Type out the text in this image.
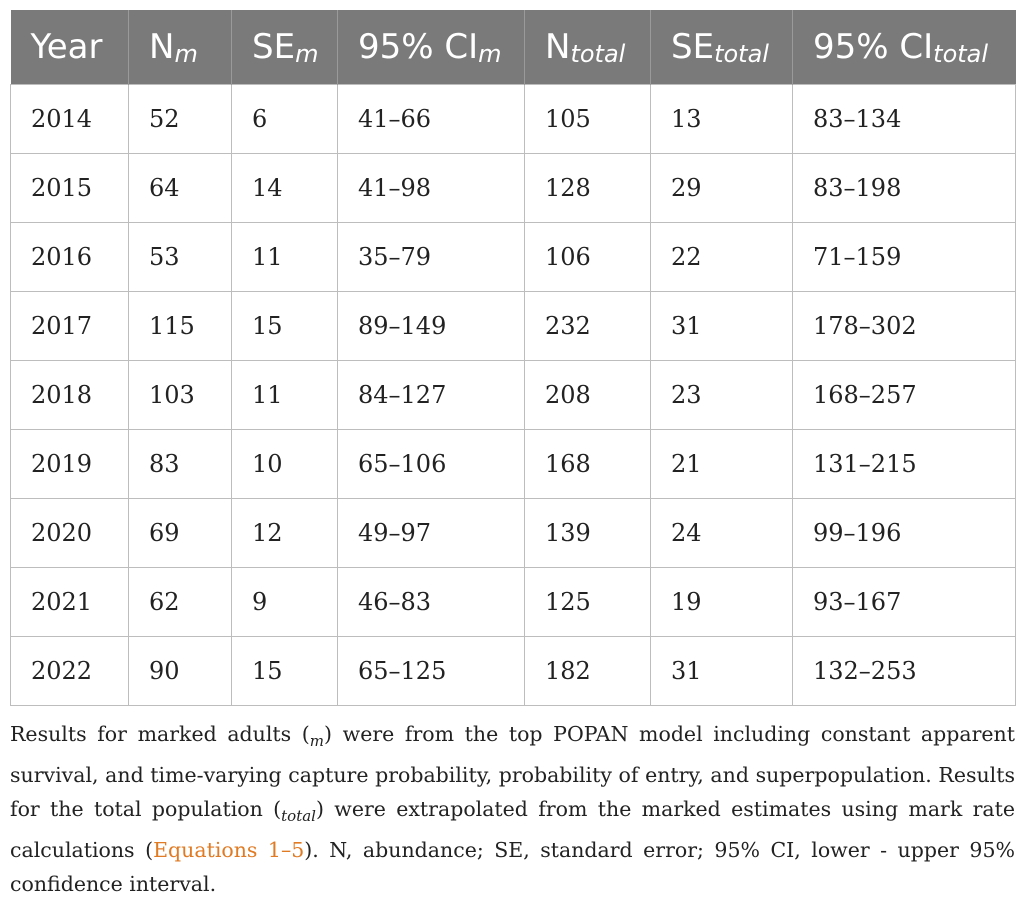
Year	$N_m$	$SE_m$	95% $CI_m$	$N_{total}$	$SE_{total}$	95% $CI_{total}$
2014	52	6	41–66	105	13	83–134
2015	64	14	41–98	128	29	83–198
2016	53	11	35–79	106	22	71–159
2017	115	15	89–149	232	31	178–302
2018	103	11	84–127	208	23	168–257
2019	83	10	65–106	168	21	131–215
2020	69	12	49–97	139	24	99–196
2021	62	9	46–83	125	19	93–167
2022	90	15	65–125	182	31	132–253

Results for marked adults $(_m)$ were from the top POPAN model including constant apparent survival, and time-varying capture probability, probability of entry, and superpopulation. Results for the total population $(_{total})$ were extrapolated from the marked estimates using mark rate calculations (Equations 1–5). N, abundance; SE, standard error; 95% CI, lower - upper 95% confidence interval.
